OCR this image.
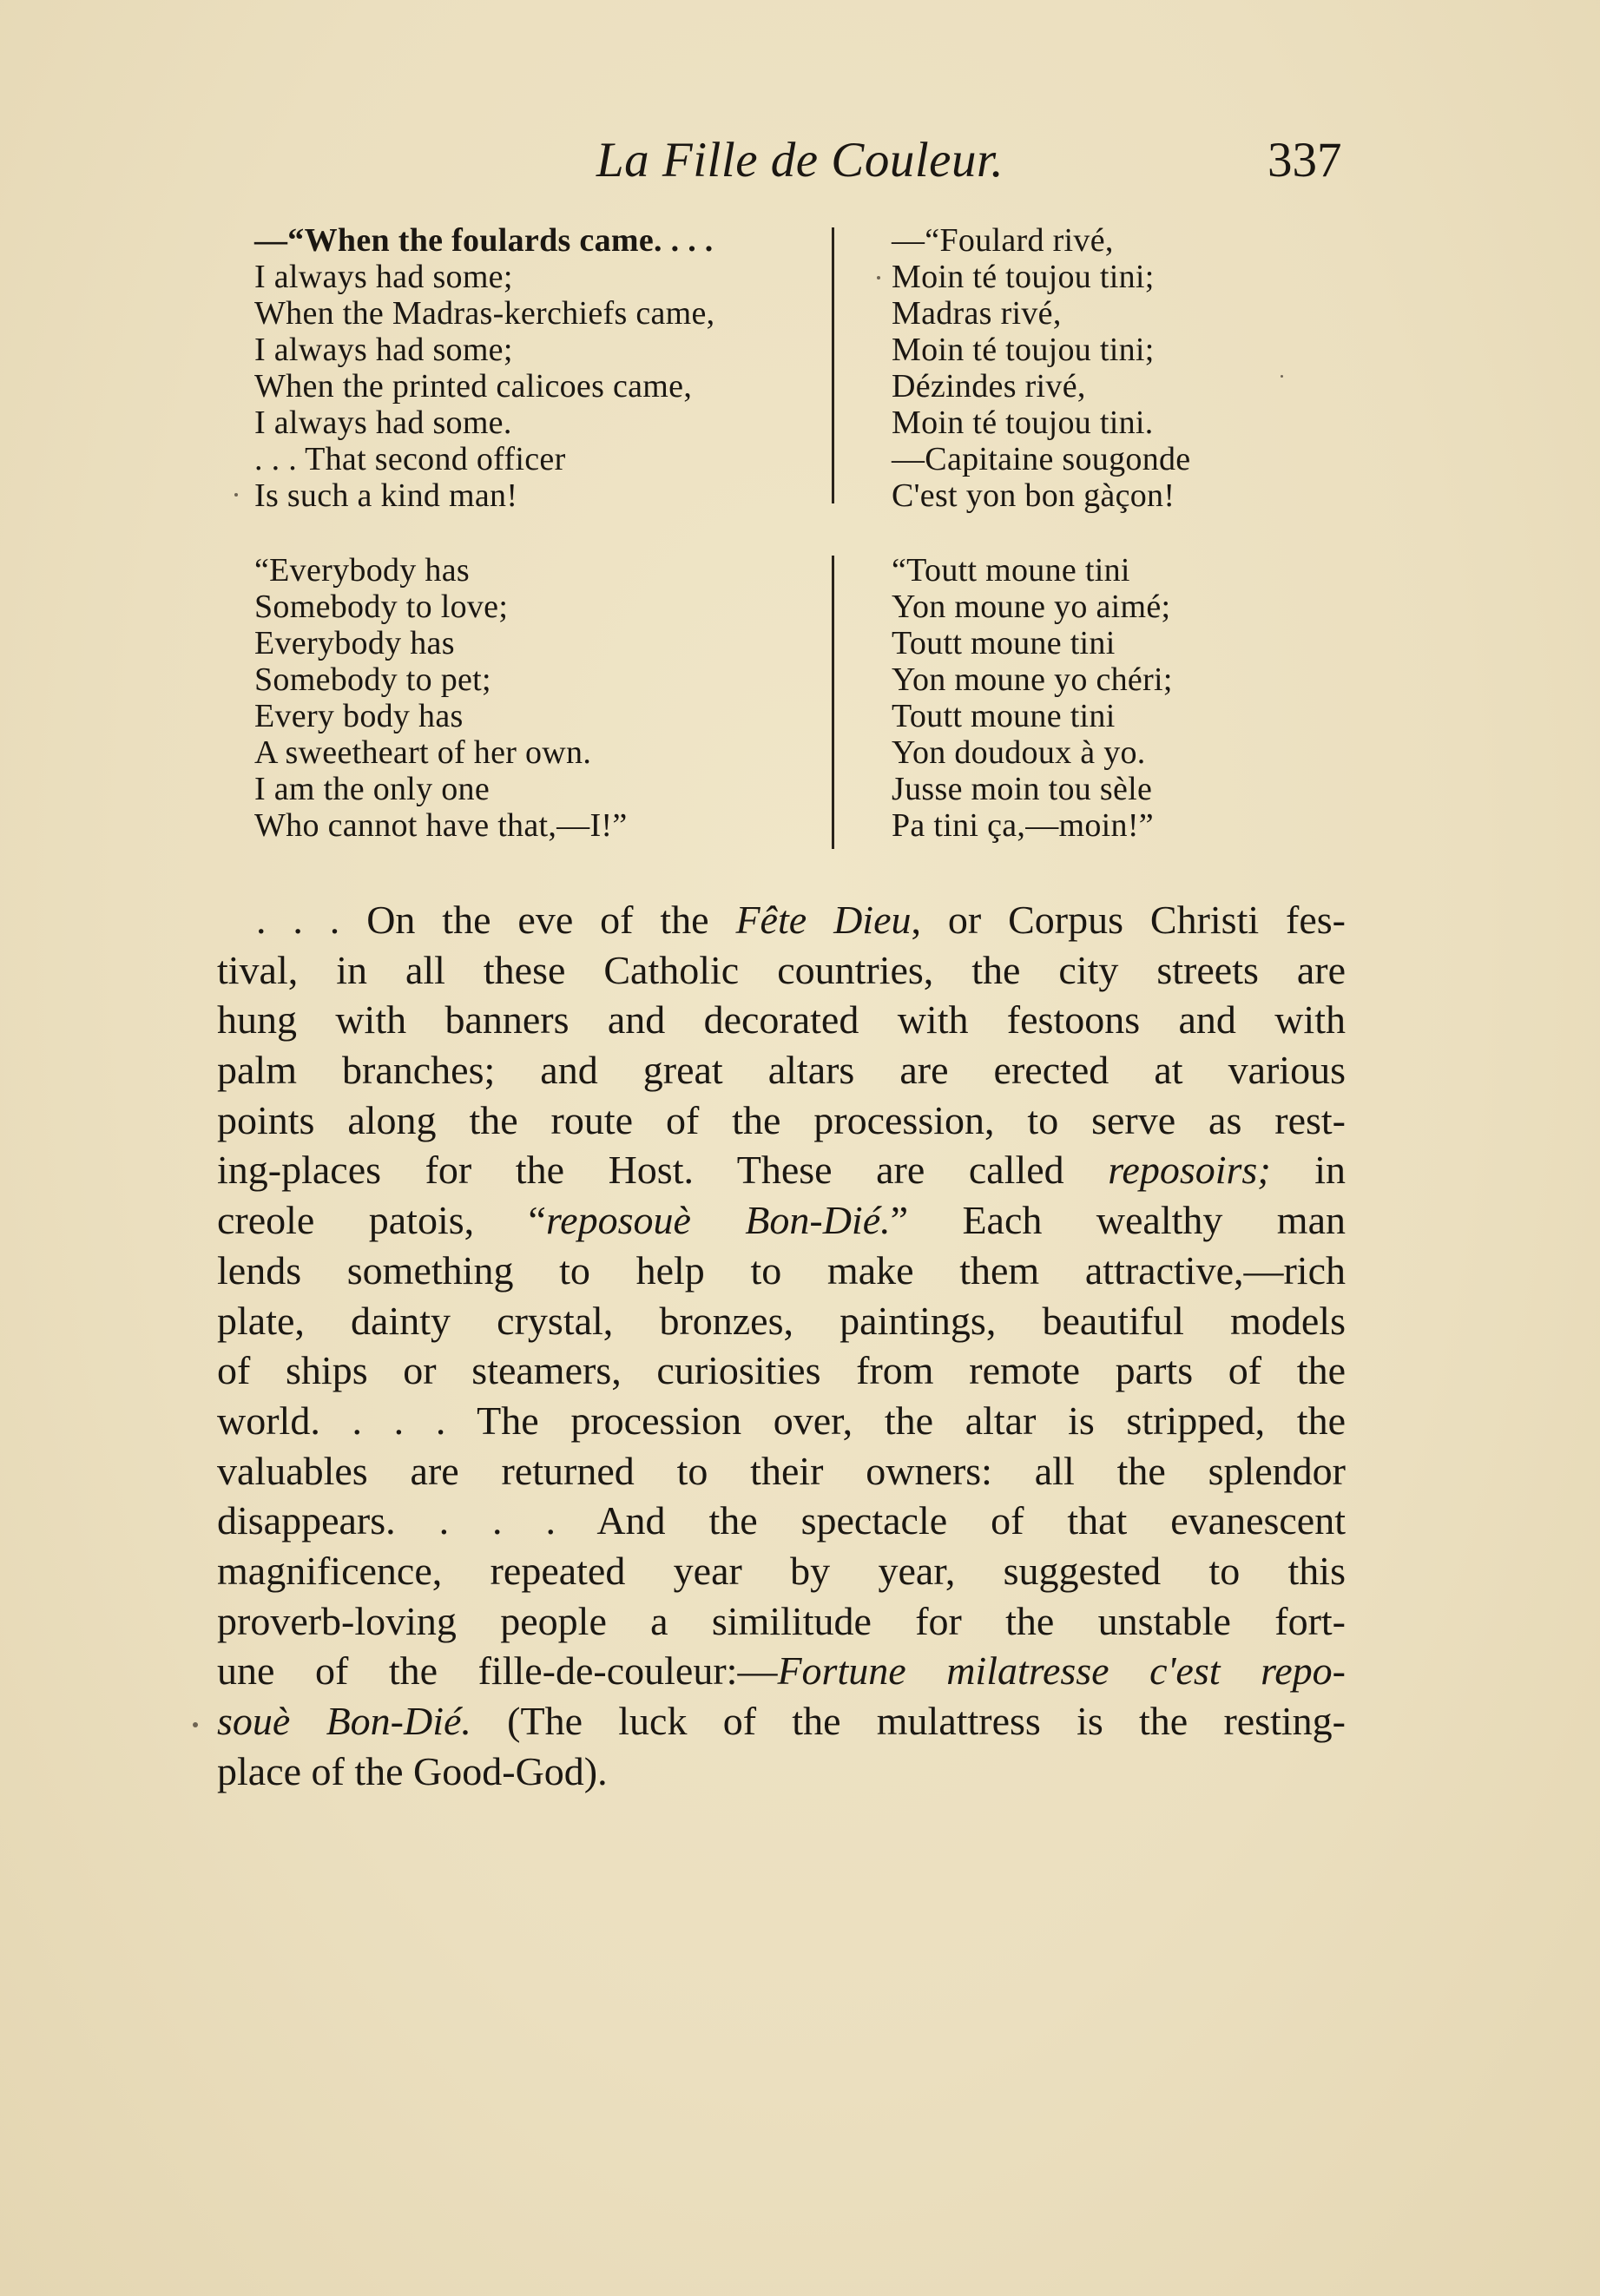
La Fille de Couleur.	337
—“When the foulards came. . . .
I always had some;
When the Madras-kerchiefs came,
I always had some;
When the printed calicoes came,
I always had some.
. . . That second officer
Is such a kind man!
—“Foulard rivé,
Moin té toujou tini;
Madras rivé,
Moin té toujou tini;
Dézindes rivé,
Moin té toujou tini.
—Capitaine sougonde
C'est yon bon gàçon!
“Everybody has
Somebody to love;
Everybody has
Somebody to pet;
Every body has
A sweetheart of her own.
I am the only one
Who cannot have that,—I!”
“Toutt moune tini
Yon moune yo aimé;
Toutt moune tini
Yon moune yo chéri;
Toutt moune tini
Yon doudoux à yo.
Jusse moin tou sèle
Pa tini ça,—moin!”
. . . On the eve of the Fête Dieu, or Corpus Christi fes-
tival, in all these Catholic countries, the city streets are
hung with banners and decorated with festoons and with
palm branches; and great altars are erected at various
points along the route of the procession, to serve as rest-
ing-places for the Host. These are called reposoirs; in
creole patois, “reposouè Bon-Dié.” Each wealthy man
lends something to help to make them attractive,—rich
plate, dainty crystal, bronzes, paintings, beautiful models
of ships or steamers, curiosities from remote parts of the
world. . . . The procession over, the altar is stripped, the
valuables are returned to their owners: all the splendor
disappears. . . . And the spectacle of that evanescent
magnificence, repeated year by year, suggested to this
proverb-loving people a similitude for the unstable fort-
une of the fille-de-couleur:—Fortune milatresse c'est repo-
souè Bon-Dié. (The luck of the mulattress is the resting-
place of the Good-God).
